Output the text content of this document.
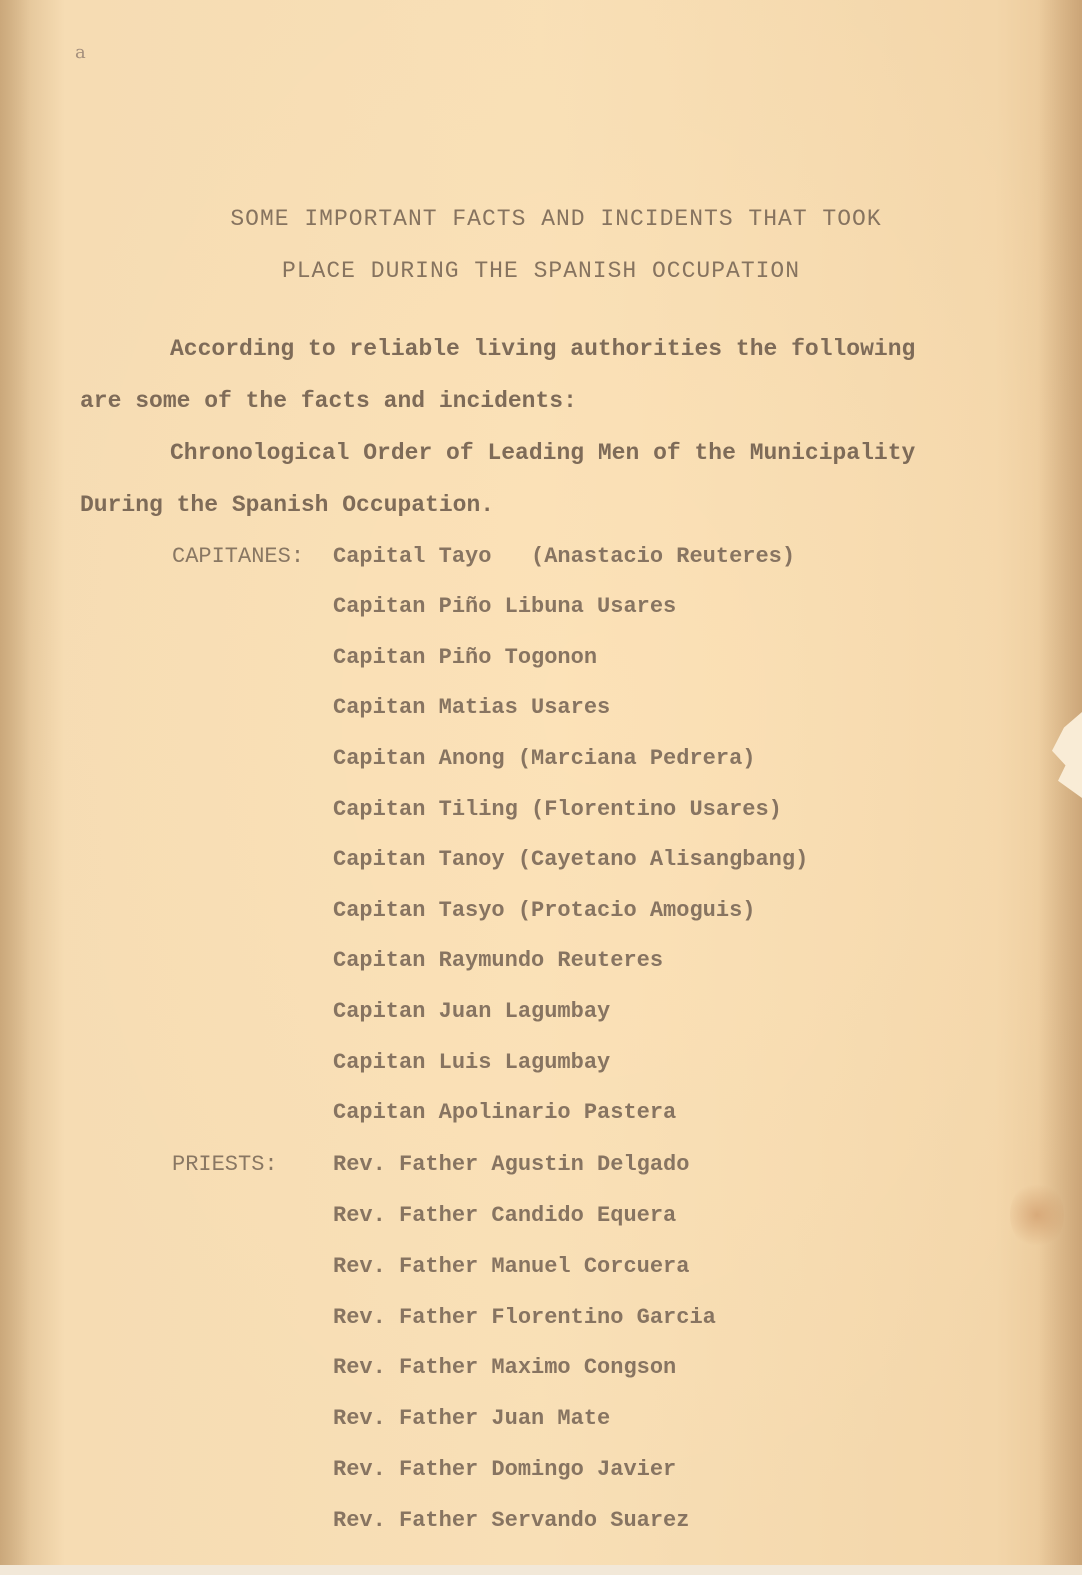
a
SOME IMPORTANT FACTS AND INCIDENTS THAT TOOK
PLACE DURING THE SPANISH OCCUPATION
According to reliable living authorities the following
are some of the facts and incidents:
Chronological Order of Leading Men of the Municipality
During the Spanish Occupation.
CAPITANES: Capital Tayo   (Anastacio Reuteres)
Capitan Piño Libuna Usares
Capitan Piño Togonon
Capitan Matias Usares
Capitan Anong (Marciana Pedrera)
Capitan Tiling (Florentino Usares)
Capitan Tanoy (Cayetano Alisangbang)
Capitan Tasyo (Protacio Amoguis)
Capitan Raymundo Reuteres
Capitan Juan Lagumbay
Capitan Luis Lagumbay
Capitan Apolinario Pastera
PRIESTS:	Rev. Father Agustin Delgado
Rev. Father Candido Equera
Rev. Father Manuel Corcuera
Rev. Father Florentino Garcia
Rev. Father Maximo Congson
Rev. Father Juan Mate
Rev. Father Domingo Javier
Rev. Father Servando Suarez
